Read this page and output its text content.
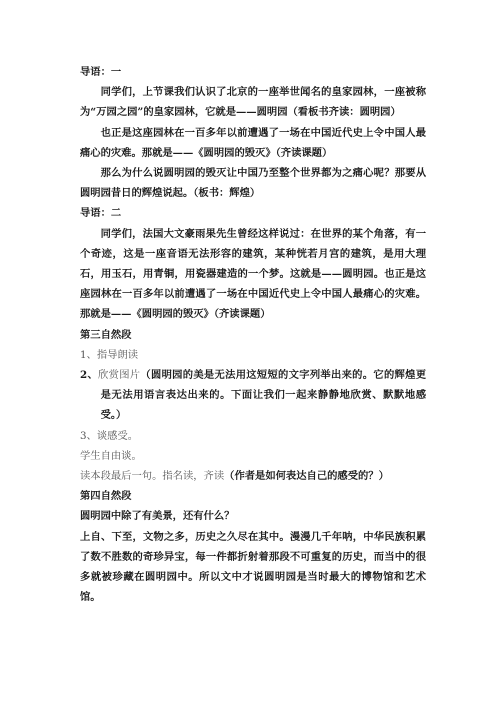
导语：一

同学们，上节课我们认识了北京的一座举世闻名的皇家园林，一座被称为“万园之园”的皇家园林，它就是——圆明园（看板书齐读：圆明园）

也正是这座园林在一百多年以前遭遇了一场在中国近代史上令中国人最痛心的灾难。那就是——《圆明园的毁灭》（齐读课题）

那么为什么说圆明园的毁灭让中国乃至整个世界都为之痛心呢？那要从圆明园昔日的辉煌说起。（板书：辉煌）

导语：二

同学们，法国大文豪雨果先生曾经这样说过：在世界的某个角落，有一个奇迹，这是一座音语无法形容的建筑，某种恍若月宫的建筑，是用大理石，用玉石，用青铜，用瓷器建造的一个梦。这就是——圆明园。也正是这座园林在一百多年以前遭遇了一场在中国近代史上令中国人最痛心的灾难。那就是——《圆明园的毁灭》（齐读课题）

第三自然段

1、指导朗读

2、欣赏图片（圆明园的美是无法用这短短的文字列举出来的。它的辉煌更是无法用语言表达出来的。下面让我们一起来静静地欣赏、默默地感受。）

3、谈感受。

学生自由谈。

读本段最后一句。指名读，齐读（作者是如何表达自己的感受的？）

第四自然段

圆明园中除了有美景，还有什么？

上自、下至，文物之多，历史之久尽在其中。漫漫几千年呐，中华民族积累了数不胜数的奇珍异宝，每一件都折射着那段不可重复的历史，而当中的很多就被珍藏在圆明园中。所以文中才说圆明园是当时最大的博物馆和艺术馆。
